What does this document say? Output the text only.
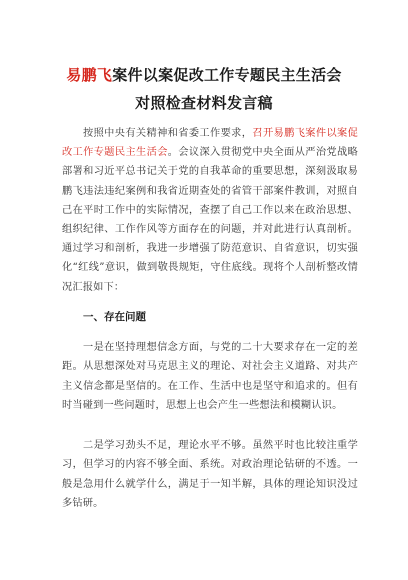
易鹏飞案件以案促改工作专题民主生活会
对照检查材料发言稿
按照中央有关精神和省委工作要求，召开易鹏飞案件以案促改工作专题民主生活会。会议深入贯彻党中央全面从严治党战略部署和习近平总书记关于党的自我革命的重要思想，深刻汲取易鹏飞违法违纪案例和我省近期查处的省管干部案件教训，对照自己在平时工作中的实际情况，查摆了自己工作以来在政治思想、组织纪律、工作作风等方面存在的问题，并对此进行认真剖析。通过学习和剖析，我进一步增强了防范意识、自省意识，切实强化“红线”意识，做到敬畏规矩，守住底线。现将个人剖析整改情况汇报如下：
一、存在问题
一是在坚持理想信念方面，与党的二十大要求存在一定的差距。从思想深处对马克思主义的理论、对社会主义道路、对共产主义信念都是坚信的。在工作、生活中也是坚守和追求的。但有时当碰到一些问题时，思想上也会产生一些想法和模糊认识。
二是学习劲头不足，理论水平不够。虽然平时也比较注重学习，但学习的内容不够全面、系统。对政治理论钻研的不透。一般是急用什么就学什么，满足于一知半解，具体的理论知识没过多钻研。
